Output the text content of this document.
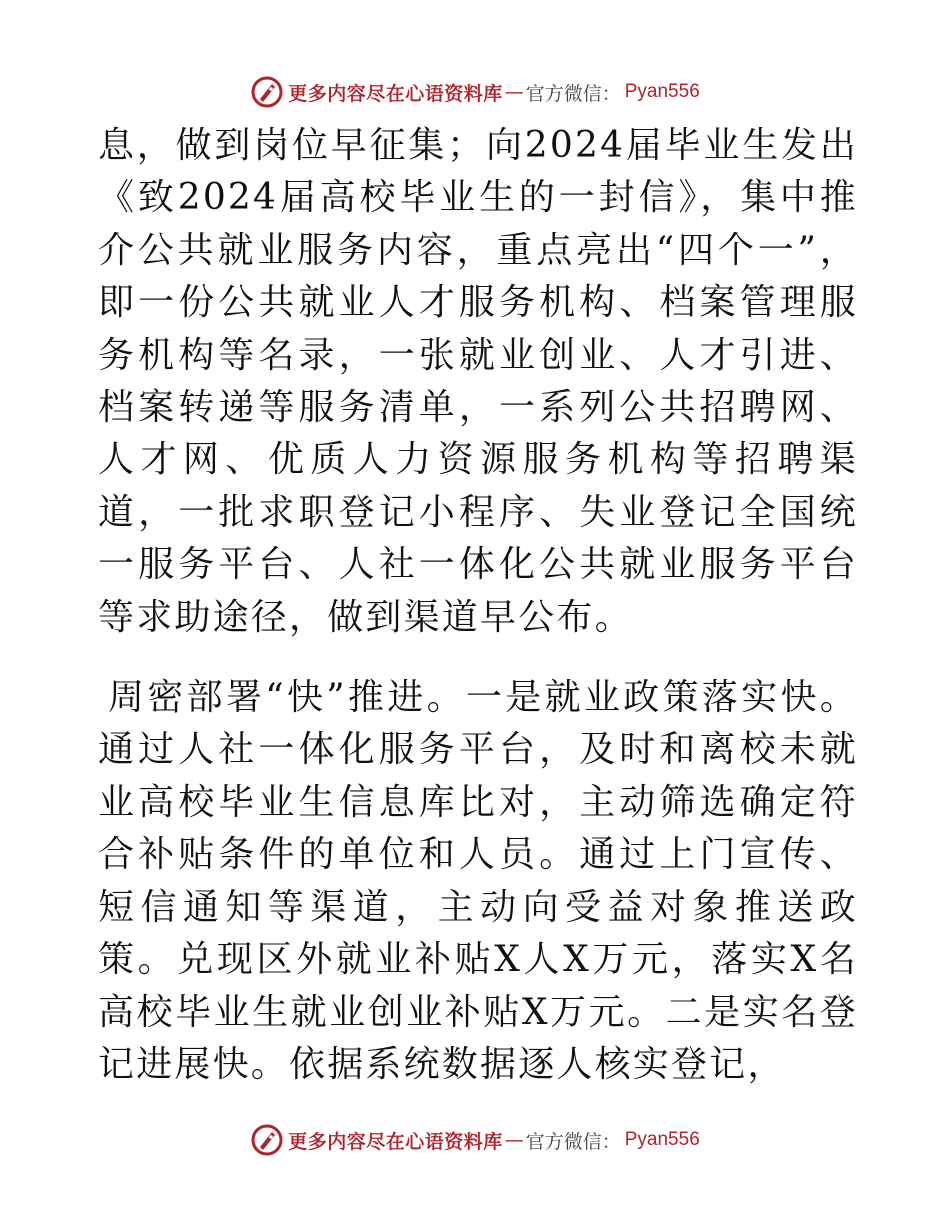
更多内容尽在心语资料库 — 官方微信： Pyan556

息，做到岗位早征集；向2024届毕业生发出《致2024届高校毕业生的一封信》，集中推介公共就业服务内容，重点亮出“四个一”，即一份公共就业人才服务机构、档案管理服务机构等名录，一张就业创业、人才引进、档案转递等服务清单，一系列公共招聘网、人才网、优质人力资源服务机构等招聘渠道，一批求职登记小程序、失业登记全国统一服务平台、人社一体化公共就业服务平台等求助途径，做到渠道早公布。

周密部署“快”推进。一是就业政策落实快。通过人社一体化服务平台，及时和离校未就业高校毕业生信息库比对，主动筛选确定符合补贴条件的单位和人员。通过上门宣传、短信通知等渠道，主动向受益对象推送政策。兑现区外就业补贴X人X万元，落实X名高校毕业生就业创业补贴X万元。二是实名登记进展快。依据系统数据逐人核实登记，

更多内容尽在心语资料库 — 官方微信： Pyan556
